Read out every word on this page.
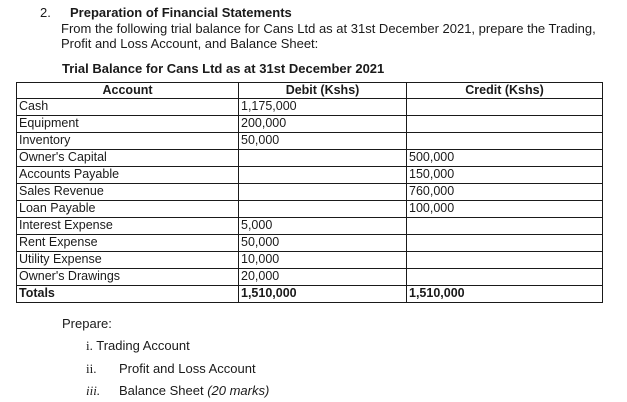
2. Preparation of Financial Statements
From the following trial balance for Cans Ltd as at 31st December 2021, prepare the Trading, Profit and Loss Account, and Balance Sheet:
Trial Balance for Cans Ltd as at 31st December 2021
Account	Debit (Kshs)	Credit (Kshs)
Cash	1,175,000	
Equipment	200,000	
Inventory	50,000	
Owner's Capital		500,000
Accounts Payable		150,000
Sales Revenue		760,000
Loan Payable		100,000
Interest Expense	5,000	
Rent Expense	50,000	
Utility Expense	10,000	
Owner's Drawings	20,000	
Totals	1,510,000	1,510,000
Prepare:
i. Trading Account
ii. Profit and Loss Account
iii. Balance Sheet (20 marks)
